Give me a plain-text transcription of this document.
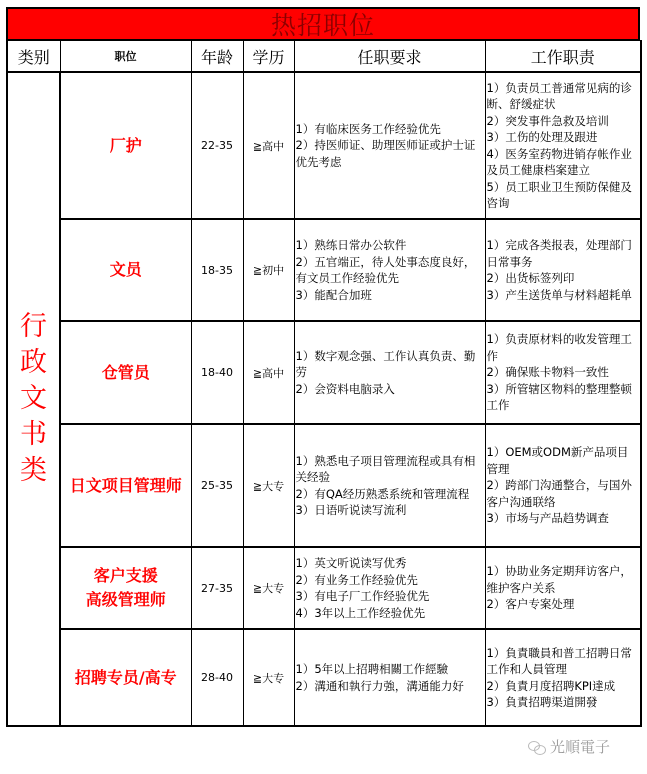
热招职位
类别	职位	年龄	学历	任职要求	工作职责

行
政
文
书
类	厂护	22-35	≧高中	1）有临床医务工作经验优先
2）持医师证、助理医师证或护士证优先考虑	1）负责员工普通常见病的诊断、舒缓症状
2）突发事件急救及培训
3）工伤的处理及跟进
4）医务室药物进销存帐作业及员工健康档案建立
5）员工职业卫生预防保健及咨询

	文员	18-35	≧初中	1）熟练日常办公软件
2）五官端正，待人处事态度良好，有文员工作经验优先
3）能配合加班	1）完成各类报表，处理部门日常事务
2）出货标签列印
3）产生送货单与材料超耗单

	仓管员	18-40	≧高中	1）数字观念强、工作认真负责、勤劳
2）会资料电脑录入	1）负责原材料的收发管理工作
2）确保账卡物料一致性
3）所管辖区物料的整理整顿工作

	日文项目管理师	25-35	≧大专	1）熟悉电子项目管理流程或具有相关经验
2）有QA经历熟悉系统和管理流程
3）日语听说读写流利	1）OEM或ODM新产品项目管理
2）跨部门沟通整合，与国外客户沟通联络
3）市场与产品趋势调查

	客户支援
高级管理师	27-35	≧大专	1）英文听说读写优秀
2）有业务工作经验优先
3）有电子厂工作经验优先
4）3年以上工作经验优先	1）协助业务定期拜访客户，维护客户关系
2）客户专案处理

	招聘专员/高专	28-40	≧大专	1）5年以上招聘相關工作經驗
2）溝通和執行力強，溝通能力好	1）負責職員和普工招聘日常工作和人員管理
2）負責月度招聘KPI達成
3）負責招聘渠道開發
光順電子
